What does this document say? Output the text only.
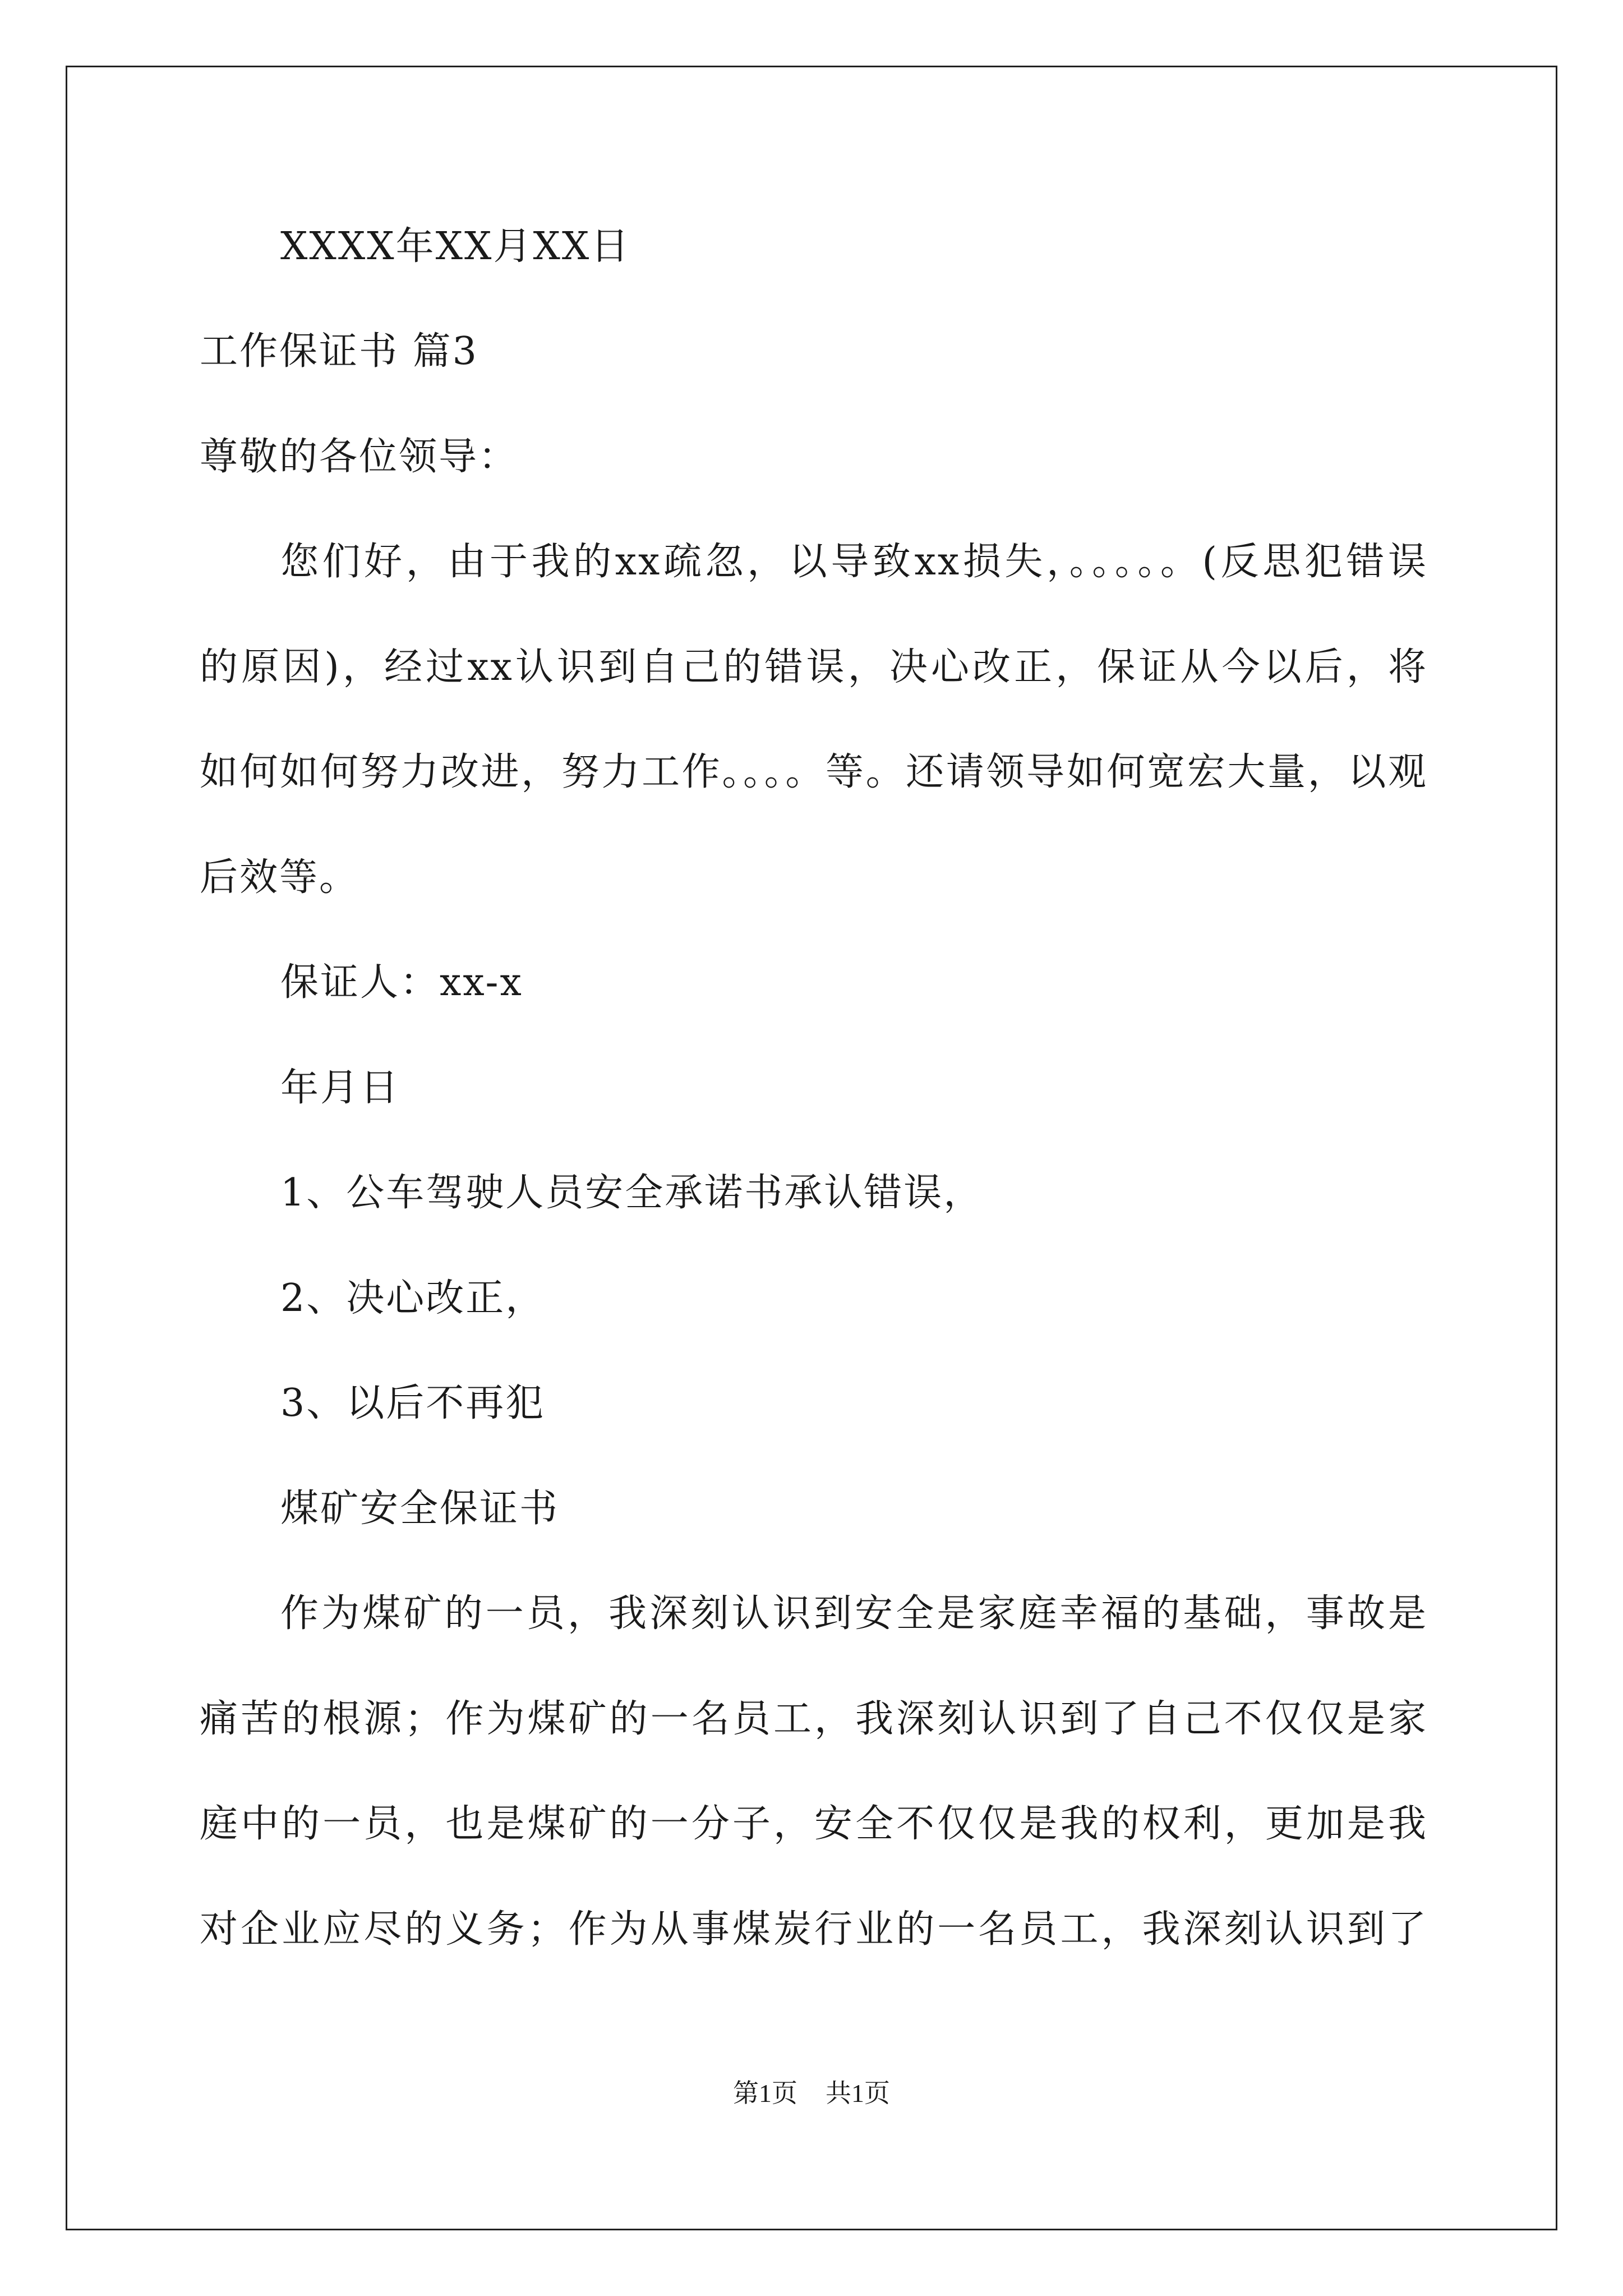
XXXX年XX月XX日
工作保证书 篇3
尊敬的各位领导：
您们好，由于我的xx疏忽，以导致xx损失，。。。。。(反思犯错误
的原因)，经过xx认识到自己的错误，决心改正，保证从今以后，将
如何如何努力改进，努力工作。。。。等。还请领导如何宽宏大量，以观
后效等。
保证人：xx-x
年月日
1、公车驾驶人员安全承诺书承认错误，
2、决心改正，
3、以后不再犯
煤矿安全保证书
作为煤矿的一员，我深刻认识到安全是家庭幸福的基础，事故是
痛苦的根源；作为煤矿的一名员工，我深刻认识到了自己不仅仅是家
庭中的一员，也是煤矿的一分子，安全不仅仅是我的权利，更加是我
对企业应尽的义务；作为从事煤炭行业的一名员工，我深刻认识到了
第1页 共1页
